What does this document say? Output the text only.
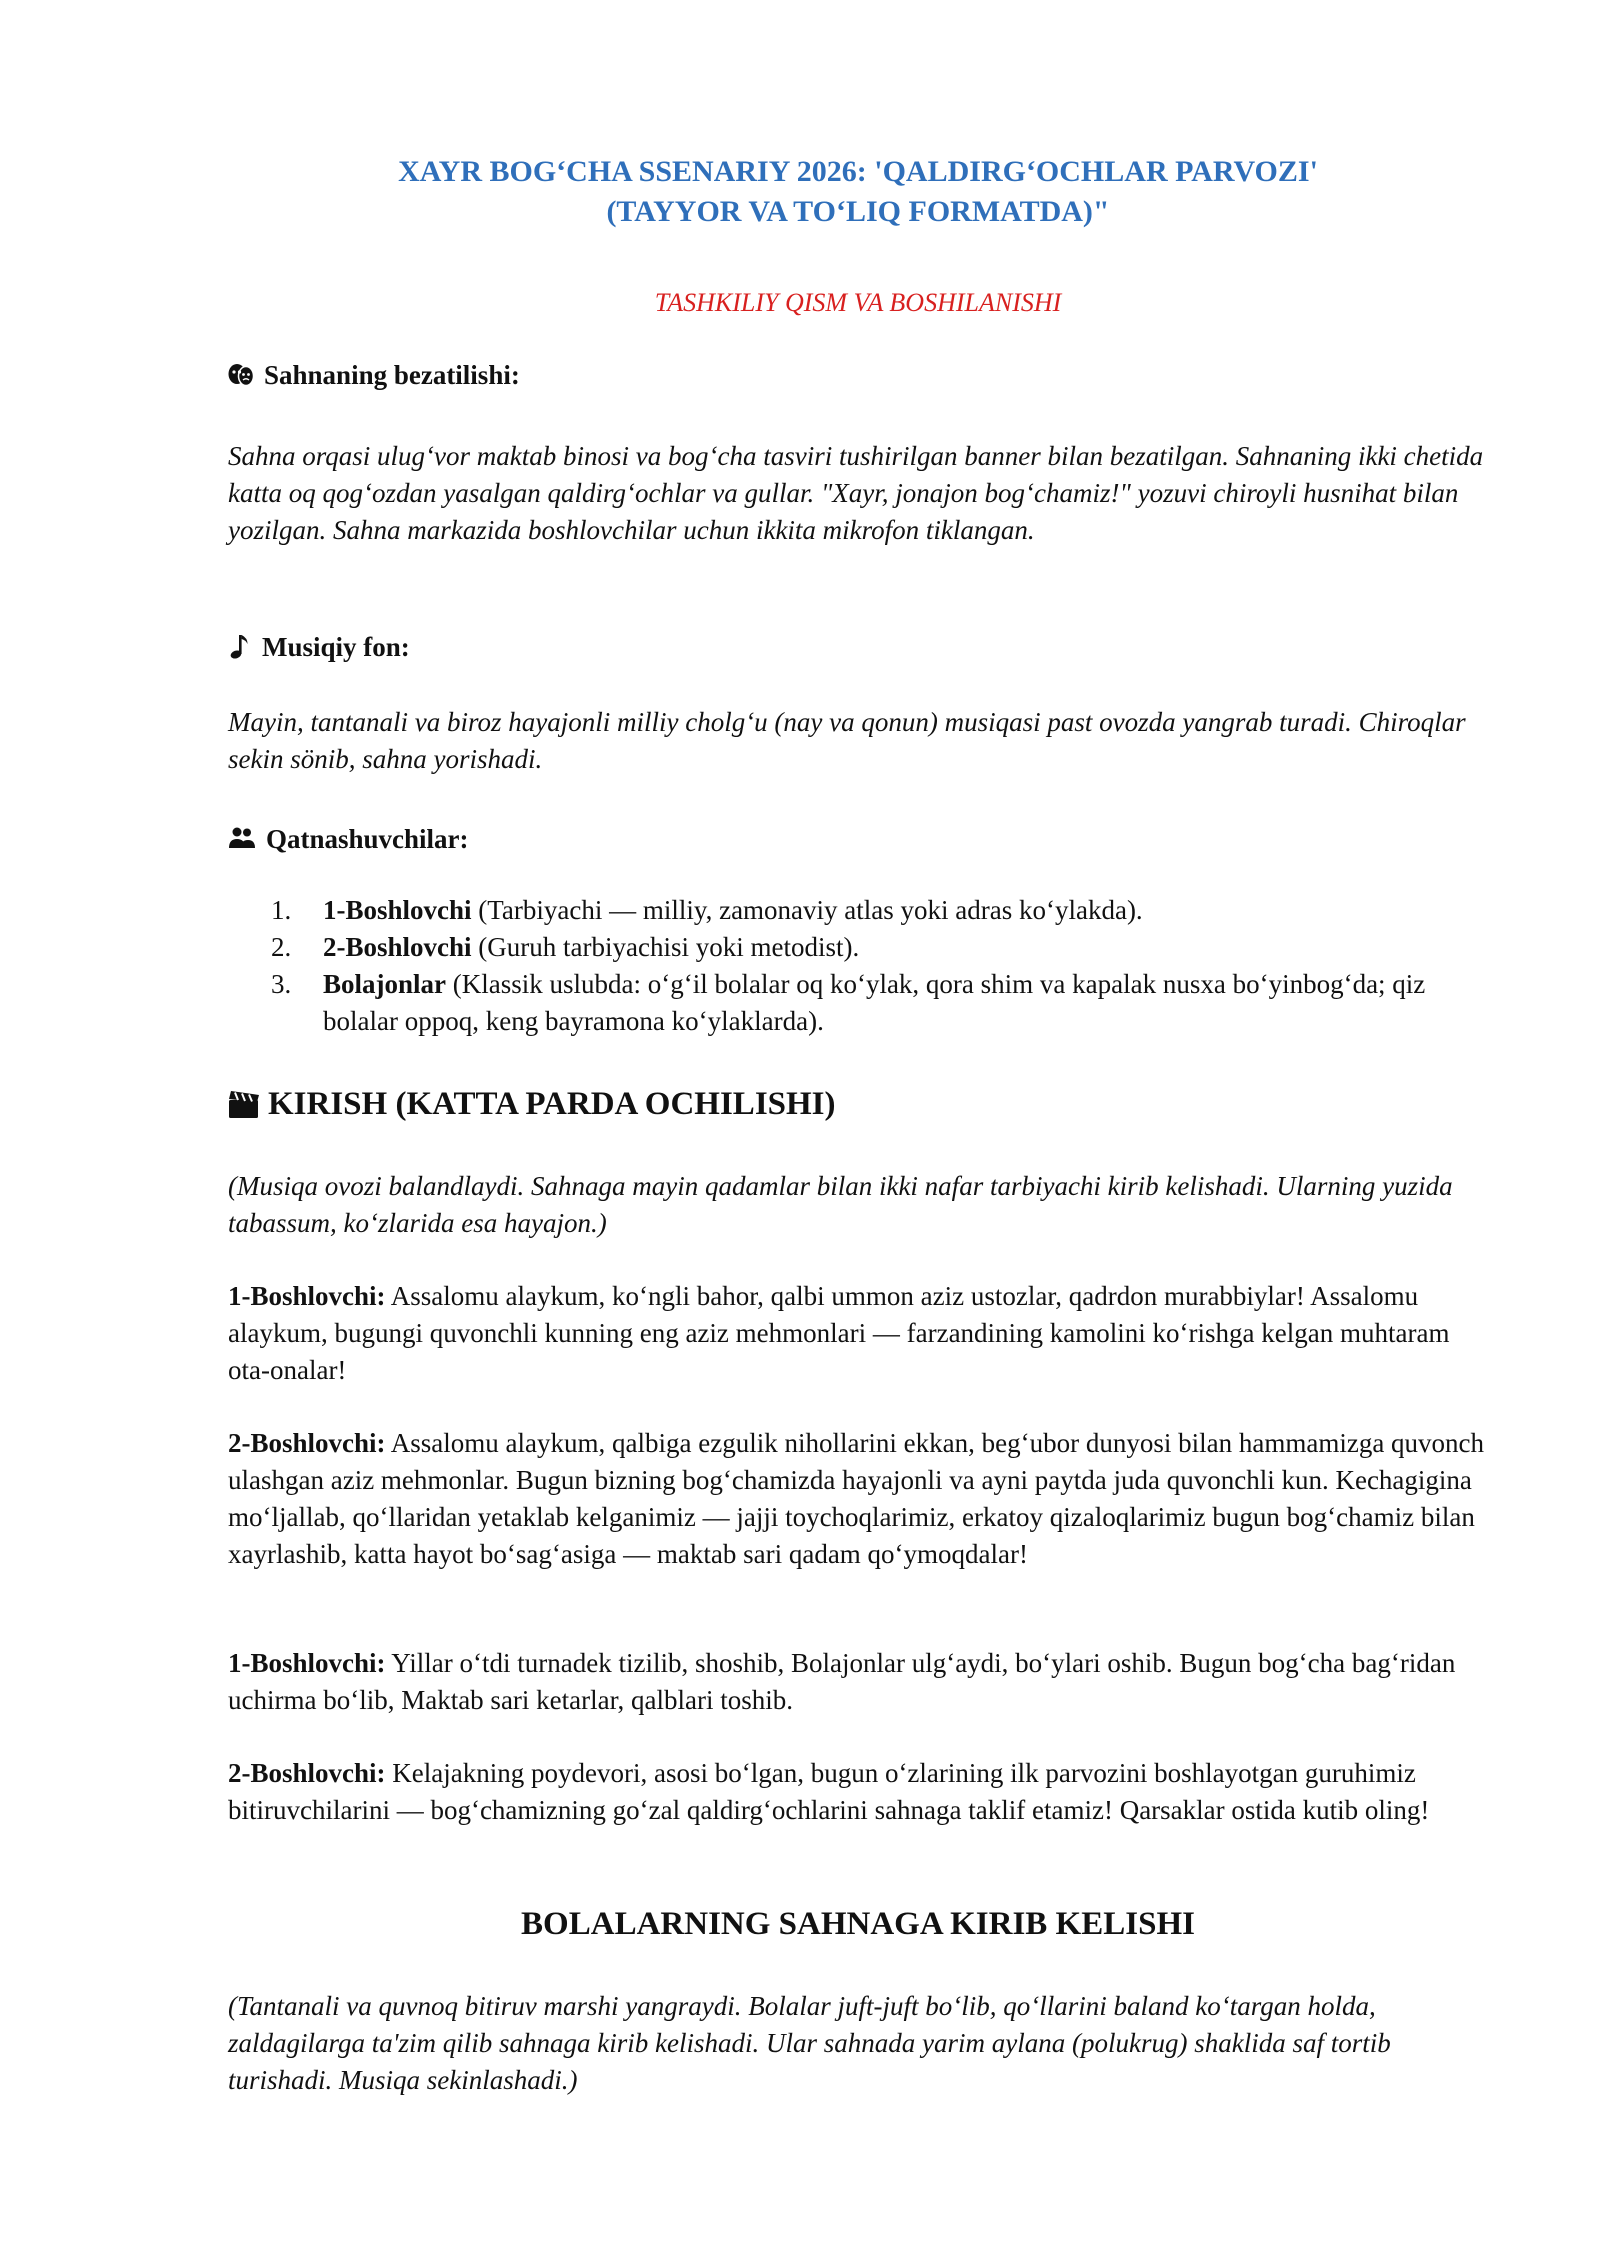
XAYR BOG‘CHA SSENARIY 2026: 'QALDIRG‘OCHLAR PARVOZI'
(TAYYOR VA TO‘LIQ FORMATDA)"
TASHKILIY QISM VA BOSHILANISHI
Sahnaning bezatilishi:

Sahna orqasi ulug‘vor maktab binosi va bog‘cha tasviri tushirilgan banner bilan bezatilgan. Sahnaning ikki chetida katta oq qog‘ozdan yasalgan qaldirg‘ochlar va gullar. "Xayr, jonajon bog‘chamiz!" yozuvi chiroyli husnihat bilan yozilgan. Sahna markazida boshlovchilar uchun ikkita mikrofon tiklangan.

Musiqiy fon:

Mayin, tantanali va biroz hayajonli milliy cholg‘u (nay va qonun) musiqasi past ovozda yangrab turadi. Chiroqlar sekin sönib, sahna yorishadi.

Qatnashuvchilar:
1. 1-Boshlovchi (Tarbiyachi — milliy, zamonaviy atlas yoki adras ko‘ylakda).
2. 2-Boshlovchi (Guruh tarbiyachisi yoki metodist).
3. Bolajonlar (Klassik uslubda: o‘g‘il bolalar oq ko‘ylak, qora shim va kapalak nusxa bo‘yinbog‘da; qiz bolalar oppoq, keng bayramona ko‘ylaklarda).
KIRISH (KATTA PARDA OCHILISHI)

(Musiqa ovozi balandlaydi. Sahnaga mayin qadamlar bilan ikki nafar tarbiyachi kirib kelishadi. Ularning yuzida tabassum, ko‘zlarida esa hayajon.)

1-Boshlovchi: Assalomu alaykum, ko‘ngli bahor, qalbi ummon aziz ustozlar, qadrdon murabbiylar! Assalomu alaykum, bugungi quvonchli kunning eng aziz mehmonlari — farzandining kamolini ko‘rishga kelgan muhtaram ota-onalar!

2-Boshlovchi: Assalomu alaykum, qalbiga ezgulik nihollarini ekkan, beg‘ubor dunyosi bilan hammamizga quvonch ulashgan aziz mehmonlar. Bugun bizning bog‘chamizda hayajonli va ayni paytda juda quvonchli kun. Kechagigina mo‘ljallab, qo‘llaridan yetaklab kelganimiz — jajji toychoqlarimiz, erkatoy qizaloqlarimiz bugun bog‘chamiz bilan xayrlashib, katta hayot bo‘sag‘asiga — maktab sari qadam qo‘ymoqdalar!

1-Boshlovchi: Yillar o‘tdi turnadek tizilib, shoshib, Bolajonlar ulg‘aydi, bo‘ylari oshib. Bugun bog‘cha bag‘ridan uchirma bo‘lib, Maktab sari ketarlar, qalblari toshib.

2-Boshlovchi: Kelajakning poydevori, asosi bo‘lgan, bugun o‘zlarining ilk parvozini boshlayotgan guruhimiz bitiruvchilarini — bog‘chamizning go‘zal qaldirg‘ochlarini sahnaga taklif etamiz! Qarsaklar ostida kutib oling!

BOLALARNING SAHNAGA KIRIB KELISHI

(Tantanali va quvnoq bitiruv marshi yangraydi. Bolalar juft-juft bo‘lib, qo‘llarini baland ko‘targan holda, zaldagilarga ta'zim qilib sahnaga kirib kelishadi. Ular sahnada yarim aylana (polukrug) shaklida saf tortib turishadi. Musiqa sekinlashadi.)
